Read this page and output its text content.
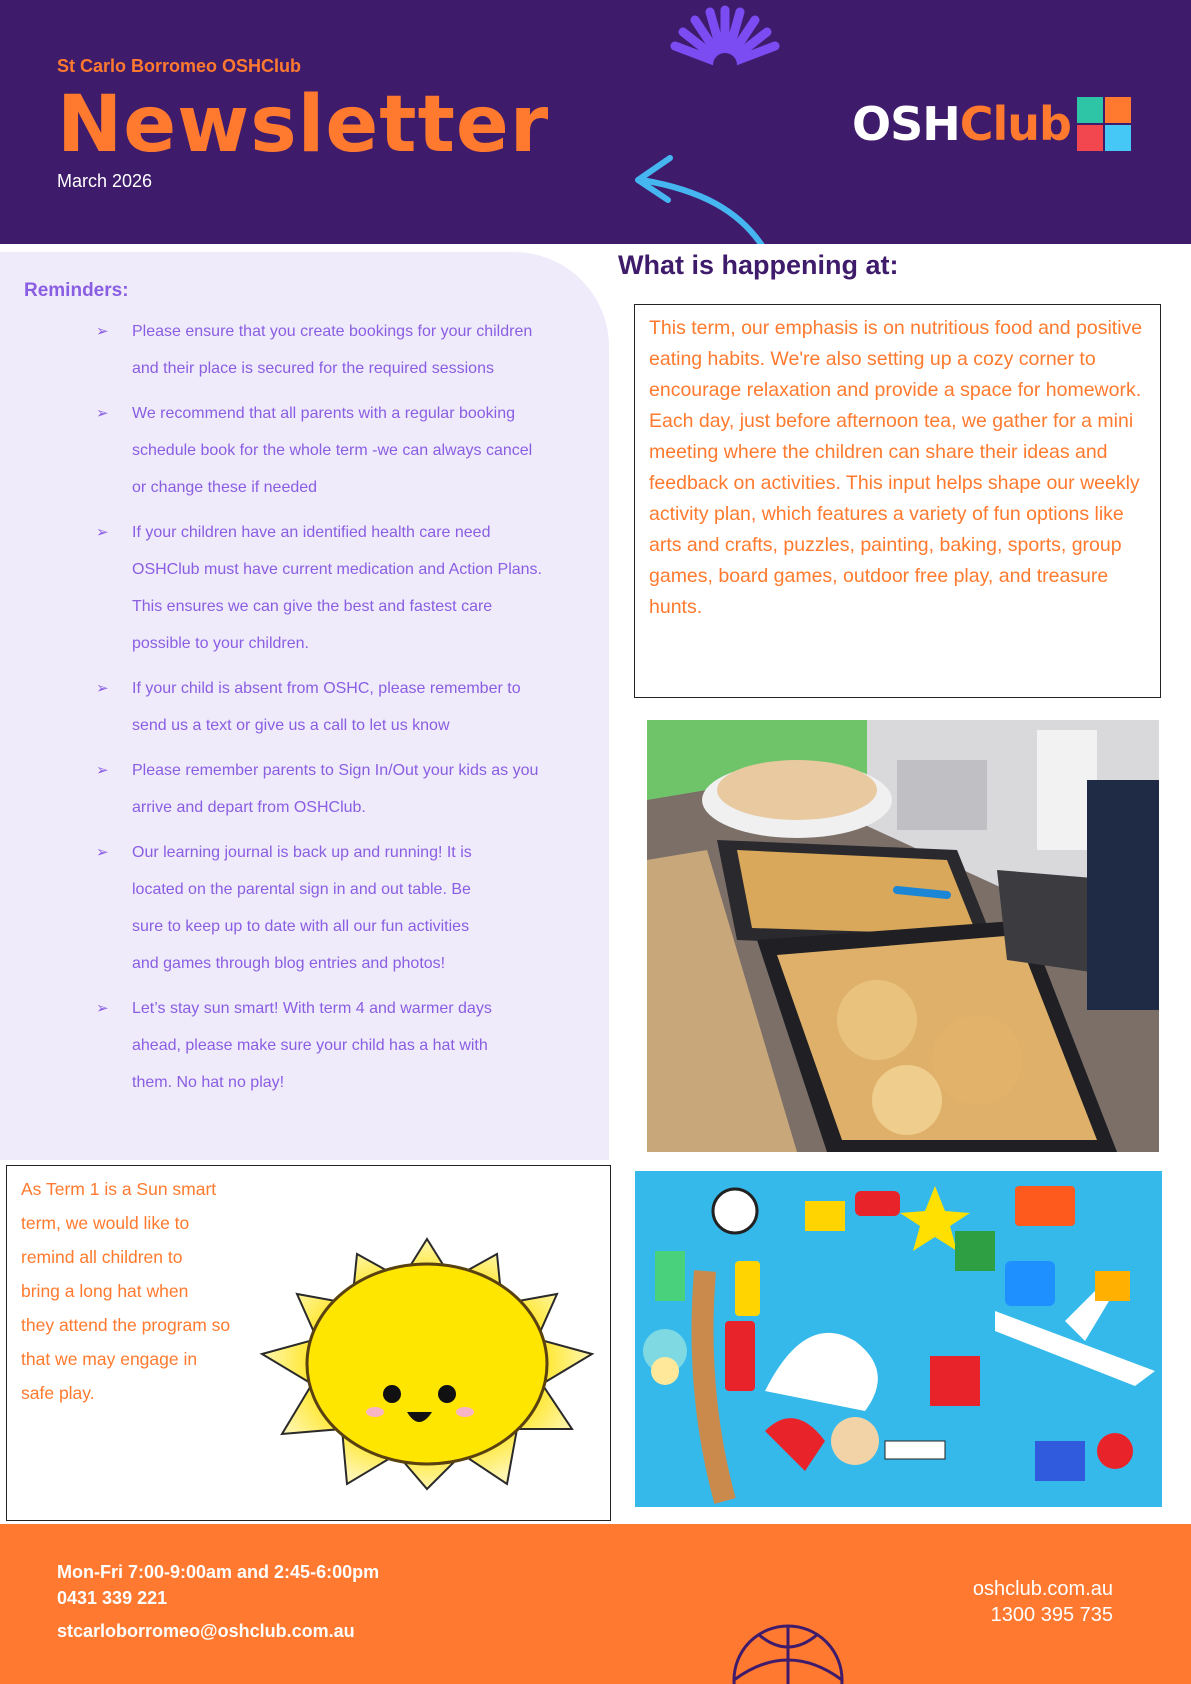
St Carlo Borromeo OSHClub
Newsletter
March 2026
OSH Club
Reminders:
➢	Please ensure that you create bookings for your children
and their place is secured for the required sessions
➢	We recommend that all parents with a regular booking
schedule book for the whole term -we can always cancel
or change these if needed
➢	If your children have an identified health care need
OSHClub must have current medication and Action Plans.
This ensures we can give the best and fastest care
possible to your children.
➢	If your child is absent from OSHC, please remember to
send us a text or give us a call to let us know
➢	Please remember parents to Sign In/Out your kids as you
arrive and depart from OSHClub.
➢	Our learning journal is back up and running! It is
located on the parental sign in and out table. Be
sure to keep up to date with all our fun activities
and games through blog entries and photos!
➢	Let’s stay sun smart! With term 4 and warmer days
ahead, please make sure your child has a hat with
them. No hat no play!
What is happening at:

This term, our emphasis is on nutritious food and positive eating habits. We're also setting up a cozy corner to encourage relaxation and provide a space for homework. Each day, just before afternoon tea, we gather for a mini meeting where the children can share their ideas and feedback on activities. This input helps shape our weekly activity plan, which features a variety of fun options like arts and crafts, puzzles, painting, baking, sports, group games, board games, outdoor free play, and treasure hunts.

As Term 1 is a Sun smart
term, we would like to
remind all children to
bring a long hat when
they attend the program so
that we may engage in
safe play.
Mon-Fri 7:00-9:00am and 2:45-6:00pm
0431 339 221
stcarloborromeo@oshclub.com.au
oshclub.com.au
1300 395 735
